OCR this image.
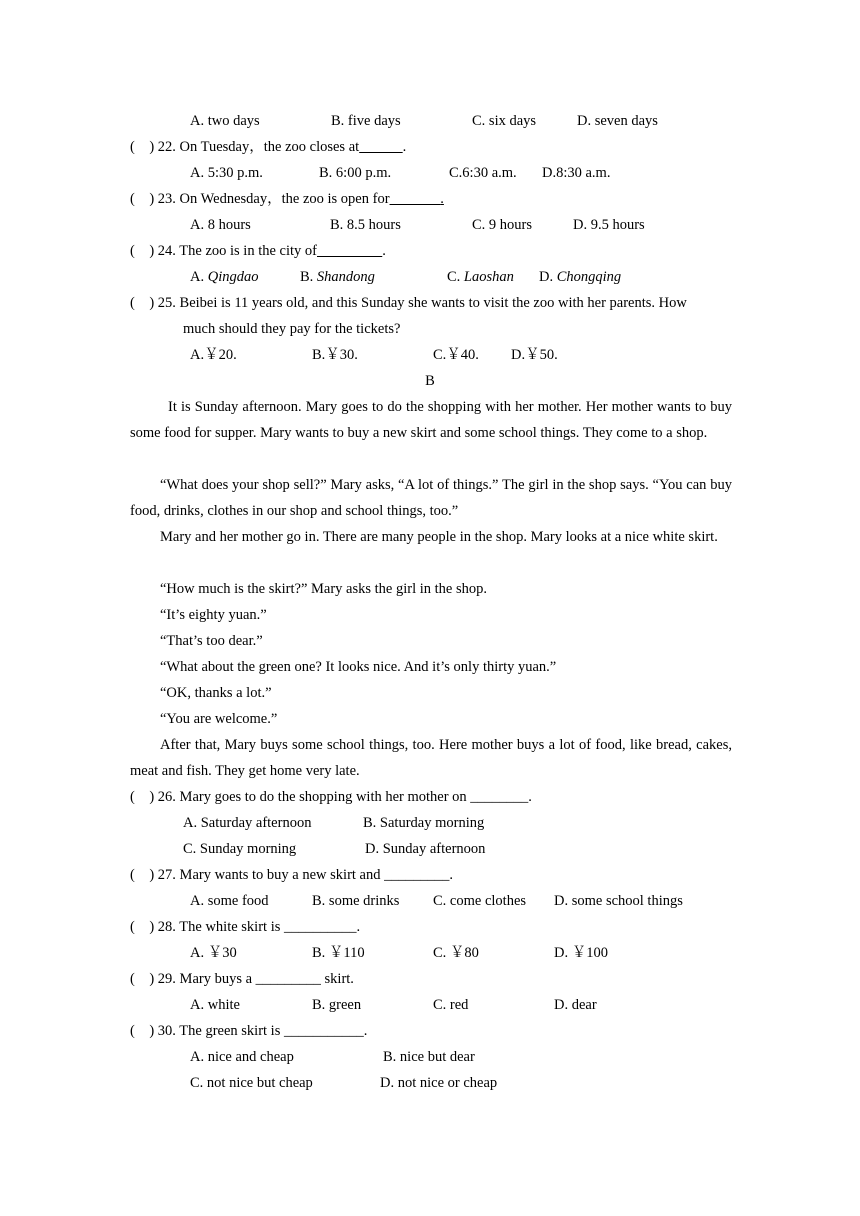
A. two days	B. five days	C. six days	D. seven days
(    ) 22. On Tuesday，the zoo closes at	.
A. 5:30 p.m.	B. 6:00 p.m.	C.6:30 a.m. D.8:30 a.m.
(    ) 23. On Wednesday，the zoo is open for	.
A. 8 hours	B. 8.5 hours	C. 9 hours	D. 9.5 hours
(    ) 24. The zoo is in the city of	.
A. Qingdao	B. Shandong	C. Laoshan D. Chongqing
(    ) 25. Beibei is 11 years old, and this Sunday she wants to visit the zoo with her parents. How
much should they pay for the tickets?
A.￥20.	B.￥30.	C.￥40. D.￥50.
B
It is Sunday afternoon. Mary goes to do the shopping with her mother. Her mother wants to buy some food for supper. Mary wants to buy a new skirt and some school things. They come to a shop.
“What does your shop sell?” Mary asks, “A lot of things.” The girl in the shop says. “You can buy food, drinks, clothes in our shop and school things, too.”
Mary and her mother go in. There are many people in the shop. Mary looks at a nice white skirt.
“How much is the skirt?” Mary asks the girl in the shop.
“It’s eighty yuan.”
“That’s too dear.”
“What about the green one? It looks nice. And it’s only thirty yuan.”
“OK, thanks a lot.”
“You are welcome.”
After that, Mary buys some school things, too. Here mother buys a lot of food, like bread, cakes, meat and fish. They get home very late.
(    ) 26. Mary goes to do the shopping with her mother on ________.
A. Saturday afternoon	B. Saturday morning
C. Sunday morning	D. Sunday afternoon
(    ) 27. Mary wants to buy a new skirt and _________.
A. some food	B. some drinks C. come clothes D. some school things
(    ) 28. The white skirt is __________.
A. ￥30	B. ￥110	C. ￥80	D. ￥100
(    ) 29. Mary buys a _________ skirt.
A. white	B. green	C. red	D. dear
(    ) 30. The green skirt is ___________.
A. nice and cheap	B. nice but dear
C. not nice but cheap	D. not nice or cheap
